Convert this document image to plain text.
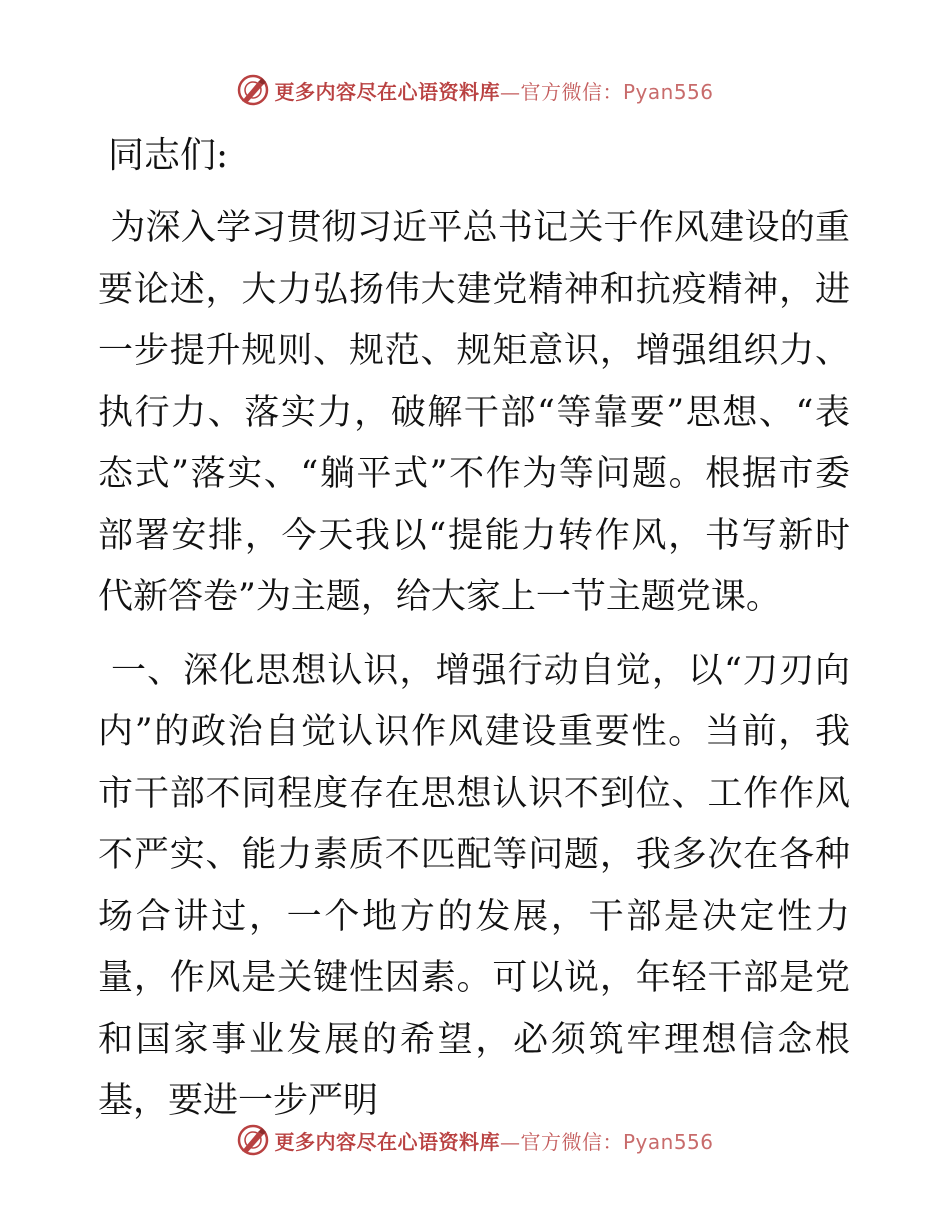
更多内容尽在心语资料库—官方微信：Pyan556
同志们:

为深入学习贯彻习近平总书记关于作风建设的重要论述，大力弘扬伟大建党精神和抗疫精神，进一步提升规则、规范、规矩意识，增强组织力、执行力、落实力，破解干部“等靠要”思想、“表态式”落实、“躺平式”不作为等问题。根据市委部署安排，今天我以“提能力转作风，书写新时代新答卷”为主题，给大家上一节主题党课。

一、深化思想认识，增强行动自觉，以“刀刃向内”的政治自觉认识作风建设重要性。当前，我市干部不同程度存在思想认识不到位、工作作风不严实、能力素质不匹配等问题，我多次在各种场合讲过，一个地方的发展，干部是决定性力量，作风是关键性因素。可以说，年轻干部是党和国家事业发展的希望，必须筑牢理想信念根基，要进一步严明

更多内容尽在心语资料库—官方微信：Pyan556
